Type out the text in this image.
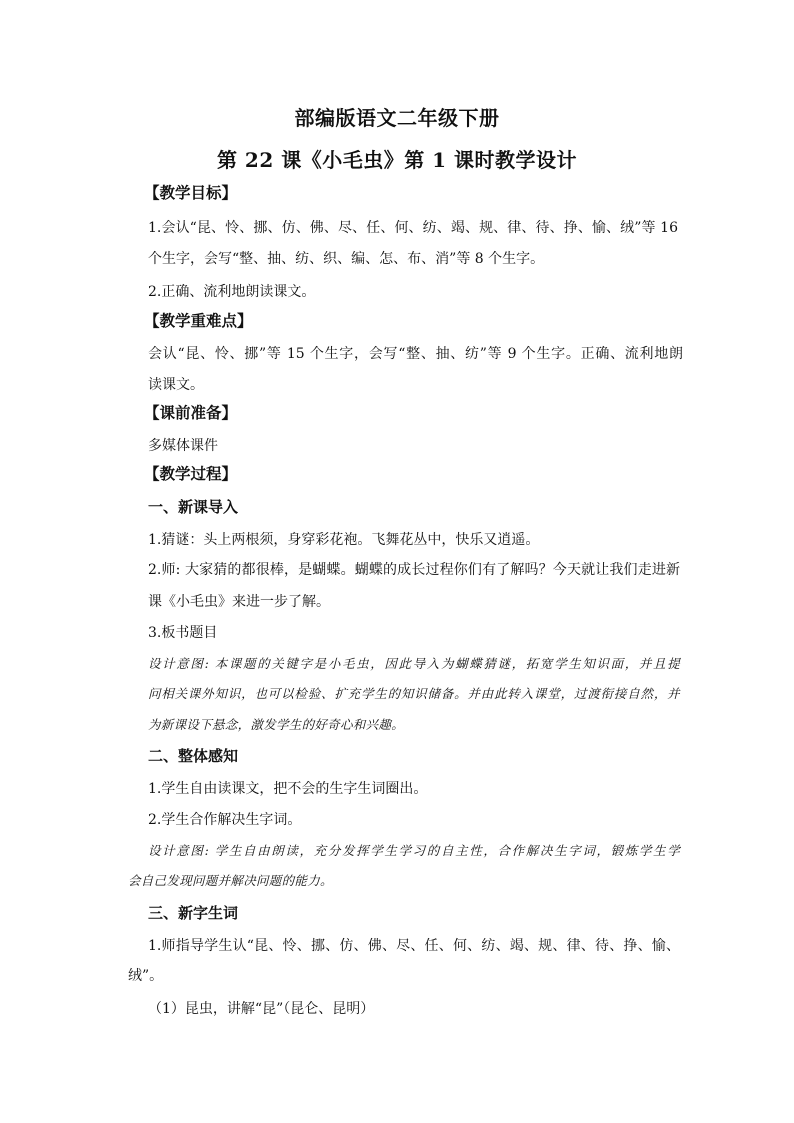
部编版语文二年级下册
第 22 课《小毛虫》第 1 课时教学设计
【教学目标】
1.会认“昆、怜、挪、仿、佛、尽、任、何、纺、竭、规、律、待、挣、愉、绒”等 16
个生字，会写“整、抽、纺、织、编、怎、布、消”等 8 个生字。
2.正确、流利地朗读课文。
【教学重难点】
会认“昆、怜、挪”等 15 个生字，会写“整、抽、纺”等 9 个生字。正确、流利地朗
读课文。
【课前准备】
多媒体课件
【教学过程】
一、新课导入
1.猜谜：头上两根须，身穿彩花袍。飞舞花丛中，快乐又逍遥。
2.师: 大家猜的都很棒，是蝴蝶。蝴蝶的成长过程你们有了解吗？今天就让我们走进新
课《小毛虫》来进一步了解。
3.板书题目
设计意图: 本课题的关键字是小毛虫，因此导入为蝴蝶猜谜，拓宽学生知识面，并且提
问相关课外知识，也可以检验、扩充学生的知识储备。并由此转入课堂，过渡衔接自然，并
为新课设下悬念，激发学生的好奇心和兴趣。
二、整体感知
1.学生自由读课文，把不会的生字生词圈出。
2.学生合作解决生字词。
设计意图: 学生自由朗读，充分发挥学生学习的自主性，合作解决生字词，锻炼学生学
会自己发现问题并解决问题的能力。
三、新字生词
1.师指导学生认“昆、怜、挪、仿、佛、尽、任、何、纺、竭、规、律、待、挣、愉、
绒”。
（1）昆虫，讲解“昆”（昆仑、昆明）
